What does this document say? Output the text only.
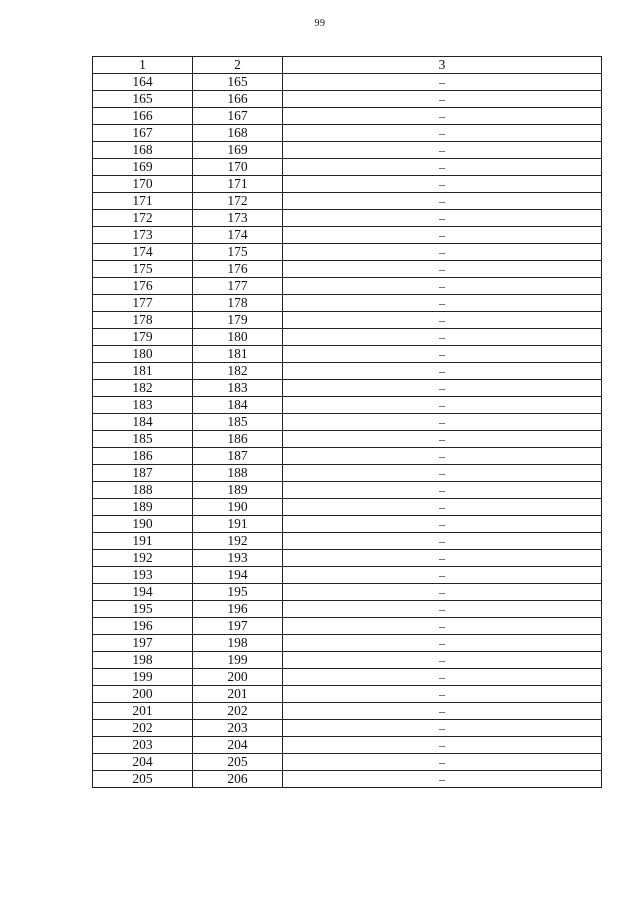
99
1	2	3
164	165	–
165	166	–
166	167	–
167	168	–
168	169	–
169	170	–
170	171	–
171	172	–
172	173	–
173	174	–
174	175	–
175	176	–
176	177	–
177	178	–
178	179	–
179	180	–
180	181	–
181	182	–
182	183	–
183	184	–
184	185	–
185	186	–
186	187	–
187	188	–
188	189	–
189	190	–
190	191	–
191	192	–
192	193	–
193	194	–
194	195	–
195	196	–
196	197	–
197	198	–
198	199	–
199	200	–
200	201	–
201	202	–
202	203	–
203	204	–
204	205	–
205	206	–
